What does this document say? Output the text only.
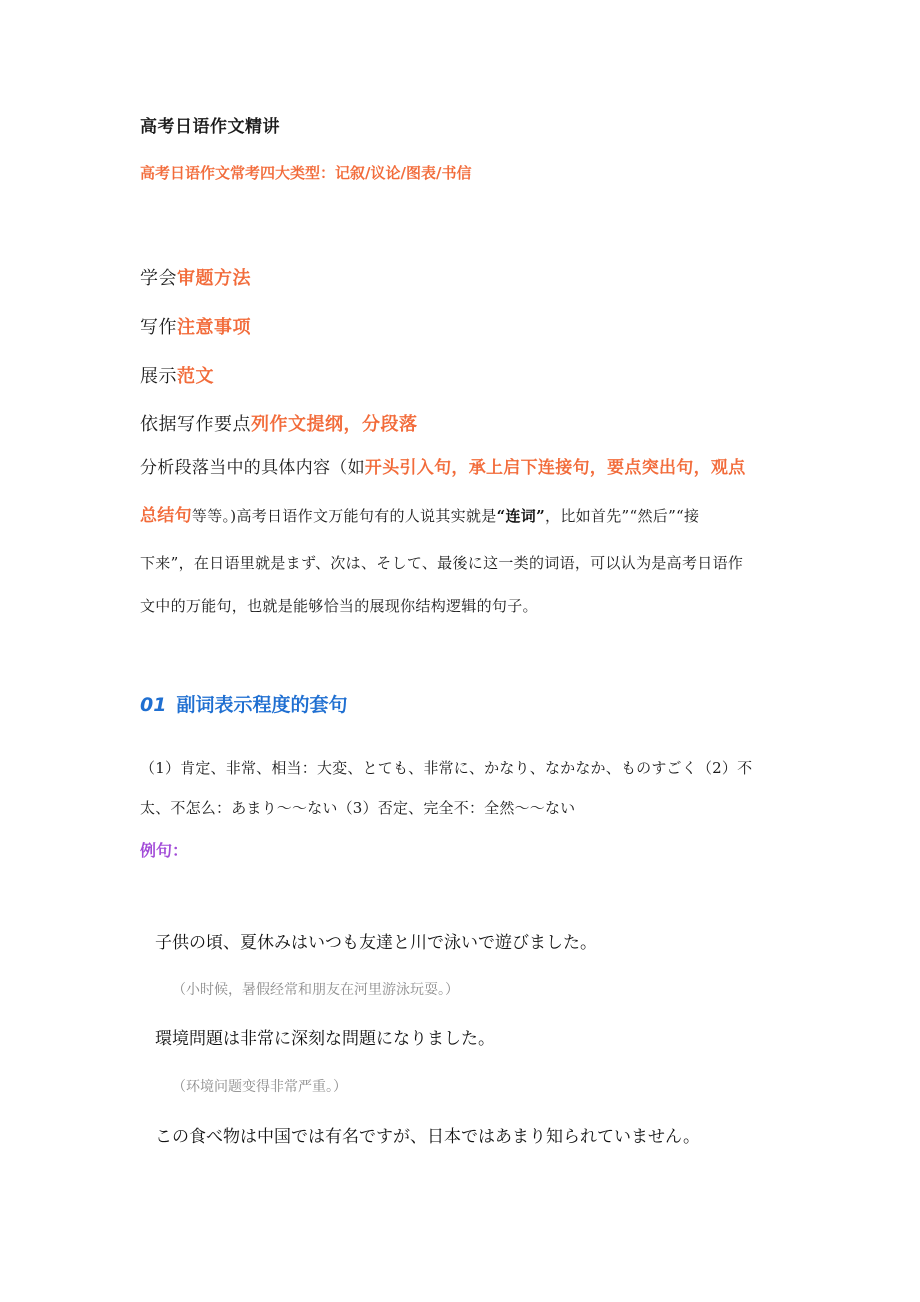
高考日语作文精讲
高考日语作文常考四大类型：记叙/议论/图表/书信
学会审题方法
写作注意事项
展示范文
依据写作要点列作文提纲，分段落
分析段落当中的具体内容（如开头引入句，承上启下连接句，要点突出句，观点
总结句等等。)高考日语作文万能句有的人说其实就是“连词”，比如首先”“然后”“接
下来”，在日语里就是まず、次は、そして、最後に这一类的词语，可以认为是高考日语作
文中的万能句，也就是能够恰当的展现你结构逻辑的句子。
01 副词表示程度的套句
（1）肯定、非常、相当：大変、とても、非常に、かなり、なかなか、ものすごく（2）不
太、不怎么：あまり～～ない（3）否定、完全不：全然～～ない
例句：
子供の頃、夏休みはいつも友達と川で泳いで遊びました。
（小时候，暑假经常和朋友在河里游泳玩耍。）
環境問題は非常に深刻な問題になりました。
（环境问题变得非常严重。）
この食べ物は中国では有名ですが、日本ではあまり知られていません。
